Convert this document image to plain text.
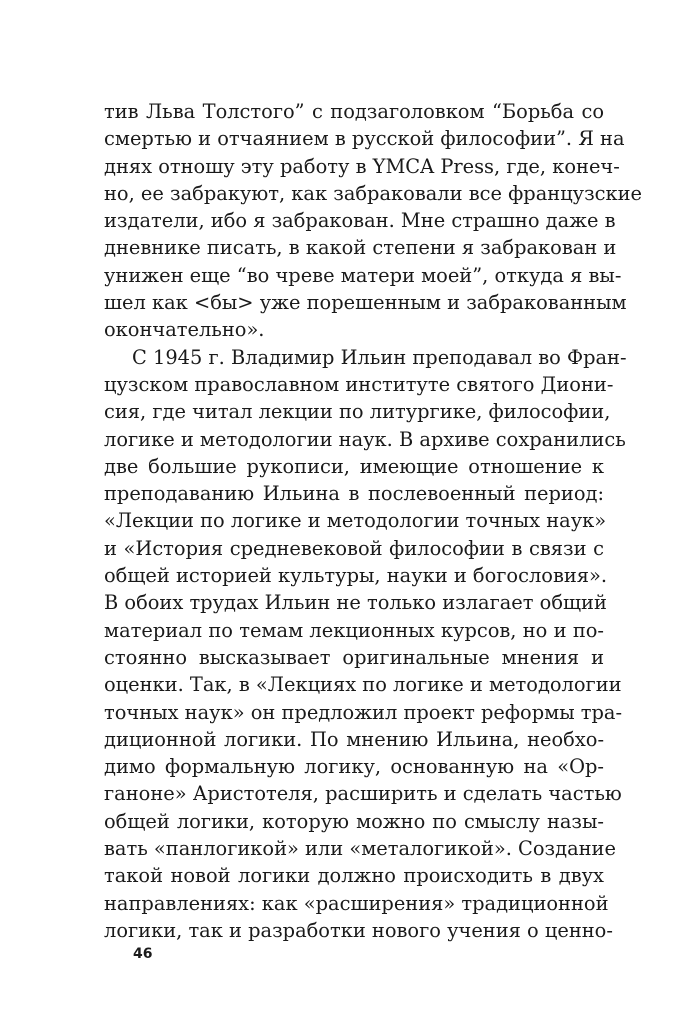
тив Льва Толстого” с подзаголовком “Борьба со
смертью и отчаянием в русской философии”. Я на
днях отношу эту работу в YMCA Press, где, конеч-
но, ее забракуют, как забраковали все французские
издатели, ибо я забракован. Мне страшно даже в
дневнике писать, в какой степени я забракован и
унижен еще “во чреве матери моей”, откуда я вы-
шел как <бы> уже порешенным и забракованным
окончательно».
С 1945 г. Владимир Ильин преподавал во Фран-
цузском православном институте святого Диони-
сия, где читал лекции по литургике, философии,
логике и методологии наук. В архиве сохранились
две большие рукописи, имеющие отношение к
преподаванию Ильина в послевоенный период:
«Лекции по логике и методологии точных наук»
и «История средневековой философии в связи с
общей историей культуры, науки и богословия».
В обоих трудах Ильин не только излагает общий
материал по темам лекционных курсов, но и по-
стоянно высказывает оригинальные мнения и
оценки. Так, в «Лекциях по логике и методологии
точных наук» он предложил проект реформы тра-
диционной логики. По мнению Ильина, необхо-
димо формальную логику, основанную на «Ор-
ганоне» Аристотеля, расширить и сделать частью
общей логики, которую можно по смыслу назы-
вать «панлогикой» или «металогикой». Создание
такой новой логики должно происходить в двух
направлениях: как «расширения» традиционной
логики, так и разработки нового учения о ценно-
46
